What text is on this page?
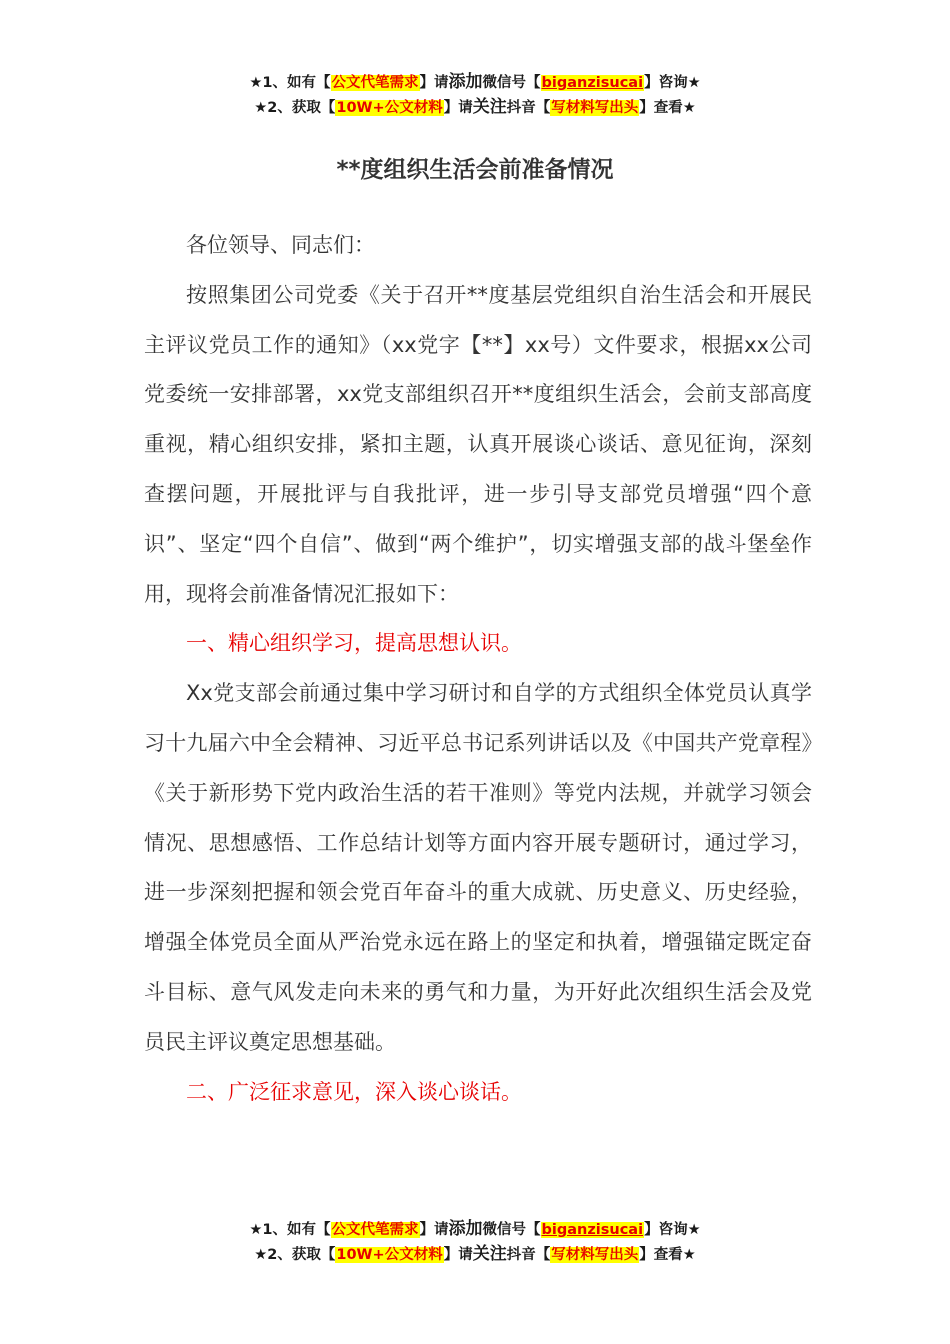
★1、如有【公文代笔需求】请添加微信号【biganzisucai】咨询★
★2、获取【10W+公文材料】请关注抖音【写材料写出头】查看★
**度组织生活会前准备情况

各位领导、同志们：

按照集团公司党委《关于召开**度基层党组织自治生活会和开展民主评议党员工作的通知》（xx党字【**】xx号）文件要求，根据xx公司党委统一安排部署，xx党支部组织召开**度组织生活会，会前支部高度重视，精心组织安排，紧扣主题，认真开展谈心谈话、意见征询，深刻查摆问题，开展批评与自我批评，进一步引导支部党员增强“四个意识”、坚定“四个自信”、做到“两个维护”，切实增强支部的战斗堡垒作用，现将会前准备情况汇报如下：

一、精心组织学习，提高思想认识。

Xx党支部会前通过集中学习研讨和自学的方式组织全体党员认真学习十九届六中全会精神、习近平总书记系列讲话以及《中国共产党章程》《关于新形势下党内政治生活的若干准则》等党内法规，并就学习领会情况、思想感悟、工作总结计划等方面内容开展专题研讨，通过学习，进一步深刻把握和领会党百年奋斗的重大成就、历史意义、历史经验，增强全体党员全面从严治党永远在路上的坚定和执着，增强锚定既定奋斗目标、意气风发走向未来的勇气和力量，为开好此次组织生活会及党员民主评议奠定思想基础。

二、广泛征求意见，深入谈心谈话。

★1、如有【公文代笔需求】请添加微信号【biganzisucai】咨询★
★2、获取【10W+公文材料】请关注抖音【写材料写出头】查看★
